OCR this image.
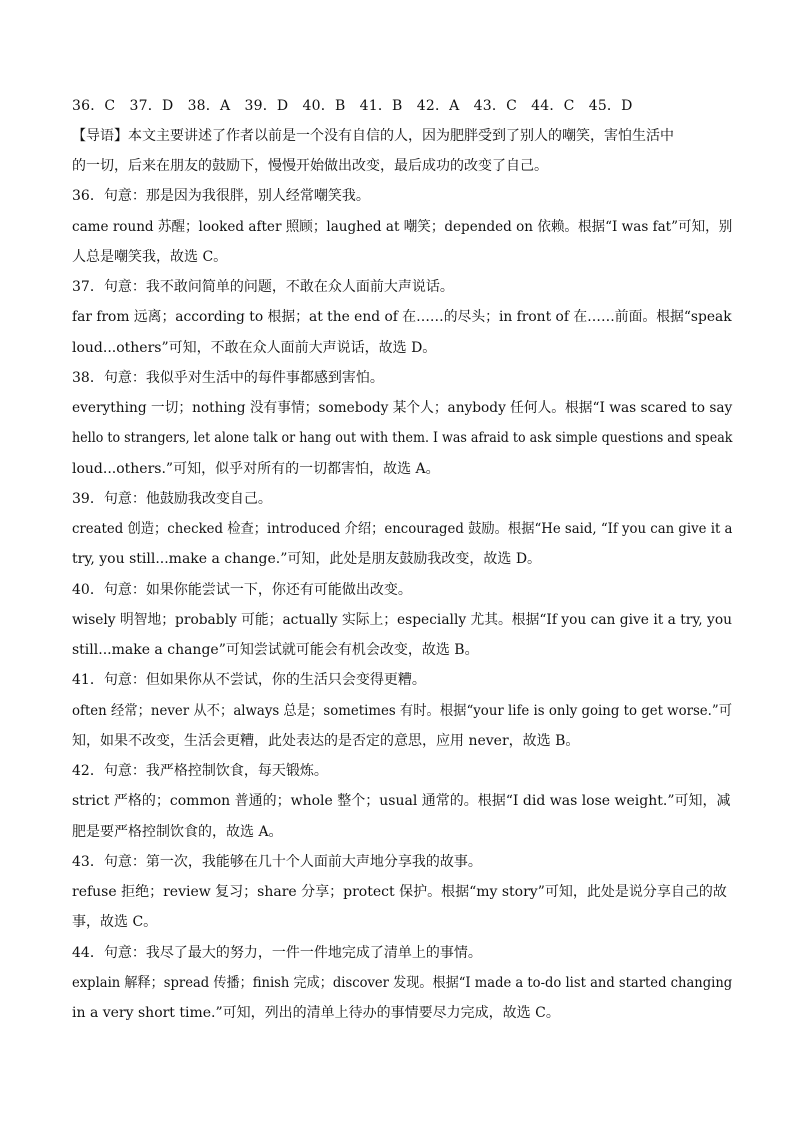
36．C　37．D　38．A　39．D　40．B　41．B　42．A　43．C　44．C　45．D
【导语】本文主要讲述了作者以前是一个没有自信的人，因为肥胖受到了别人的嘲笑，害怕生活中
的一切，后来在朋友的鼓励下，慢慢开始做出改变，最后成功的改变了自己。
36．句意：那是因为我很胖，别人经常嘲笑我。
came round 苏醒；looked after 照顾；laughed at 嘲笑；depended on 依赖。根据“I was fat”可知，别
人总是嘲笑我，故选 C。
37．句意：我不敢问简单的问题，不敢在众人面前大声说话。
far from 远离；according to 根据；at the end of 在……的尽头；in front of 在……前面。根据“speak
loud...others”可知，不敢在众人面前大声说话，故选 D。
38．句意：我似乎对生活中的每件事都感到害怕。
everything 一切；nothing 没有事情；somebody 某个人；anybody 任何人。根据“I was scared to say
hello to strangers, let alone talk or hang out with them. I was afraid to ask simple questions and speak
loud...others.”可知，似乎对所有的一切都害怕，故选 A。
39．句意：他鼓励我改变自己。
created 创造；checked 检查；introduced 介绍；encouraged 鼓励。根据“He said, “If you can give it a
try, you still...make a change.”可知，此处是朋友鼓励我改变，故选 D。
40．句意：如果你能尝试一下，你还有可能做出改变。
wisely 明智地；probably 可能；actually 实际上；especially 尤其。根据“If you can give it a try, you
still...make a change”可知尝试就可能会有机会改变，故选 B。
41．句意：但如果你从不尝试，你的生活只会变得更糟。
often 经常；never 从不；always 总是；sometimes 有时。根据“your life is only going to get worse.”可
知，如果不改变，生活会更糟，此处表达的是否定的意思，应用 never，故选 B。
42．句意：我严格控制饮食，每天锻炼。
strict 严格的；common 普通的；whole 整个；usual 通常的。根据“I did was lose weight.”可知，减
肥是要严格控制饮食的，故选 A。
43．句意：第一次，我能够在几十个人面前大声地分享我的故事。
refuse 拒绝；review 复习；share 分享；protect 保护。根据“my story”可知，此处是说分享自己的故
事，故选 C。
44．句意：我尽了最大的努力，一件一件地完成了清单上的事情。
explain 解释；spread 传播；finish 完成；discover 发现。根据“I made a to-do list and started changing
in a very short time.”可知，列出的清单上待办的事情要尽力完成，故选 C。
